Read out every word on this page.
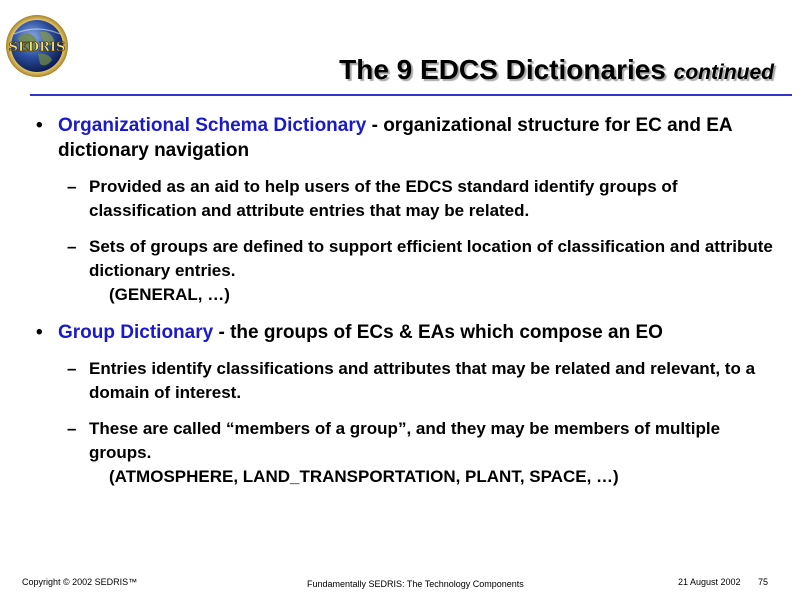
SEDRIS
The 9 EDCS Dictionaries continued
• Organizational Schema Dictionary - organizational structure for EC and EA dictionary navigation
– Provided as an aid to help users of the EDCS standard identify groups of classification and attribute entries that may be related.
– Sets of groups are defined to support efficient location of classification and attribute dictionary entries.
(GENERAL, …)
• Group Dictionary - the groups of ECs & EAs which compose an EO
– Entries identify classifications and attributes that may be related and relevant, to a domain of interest.
– These are called “members of a group”, and they may be members of multiple groups.
(ATMOSPHERE, LAND_TRANSPORTATION, PLANT, SPACE, …)
Copyright © 2002 SEDRIS™	Fundamentally SEDRIS: The Technology Components	21 August 2002 75
